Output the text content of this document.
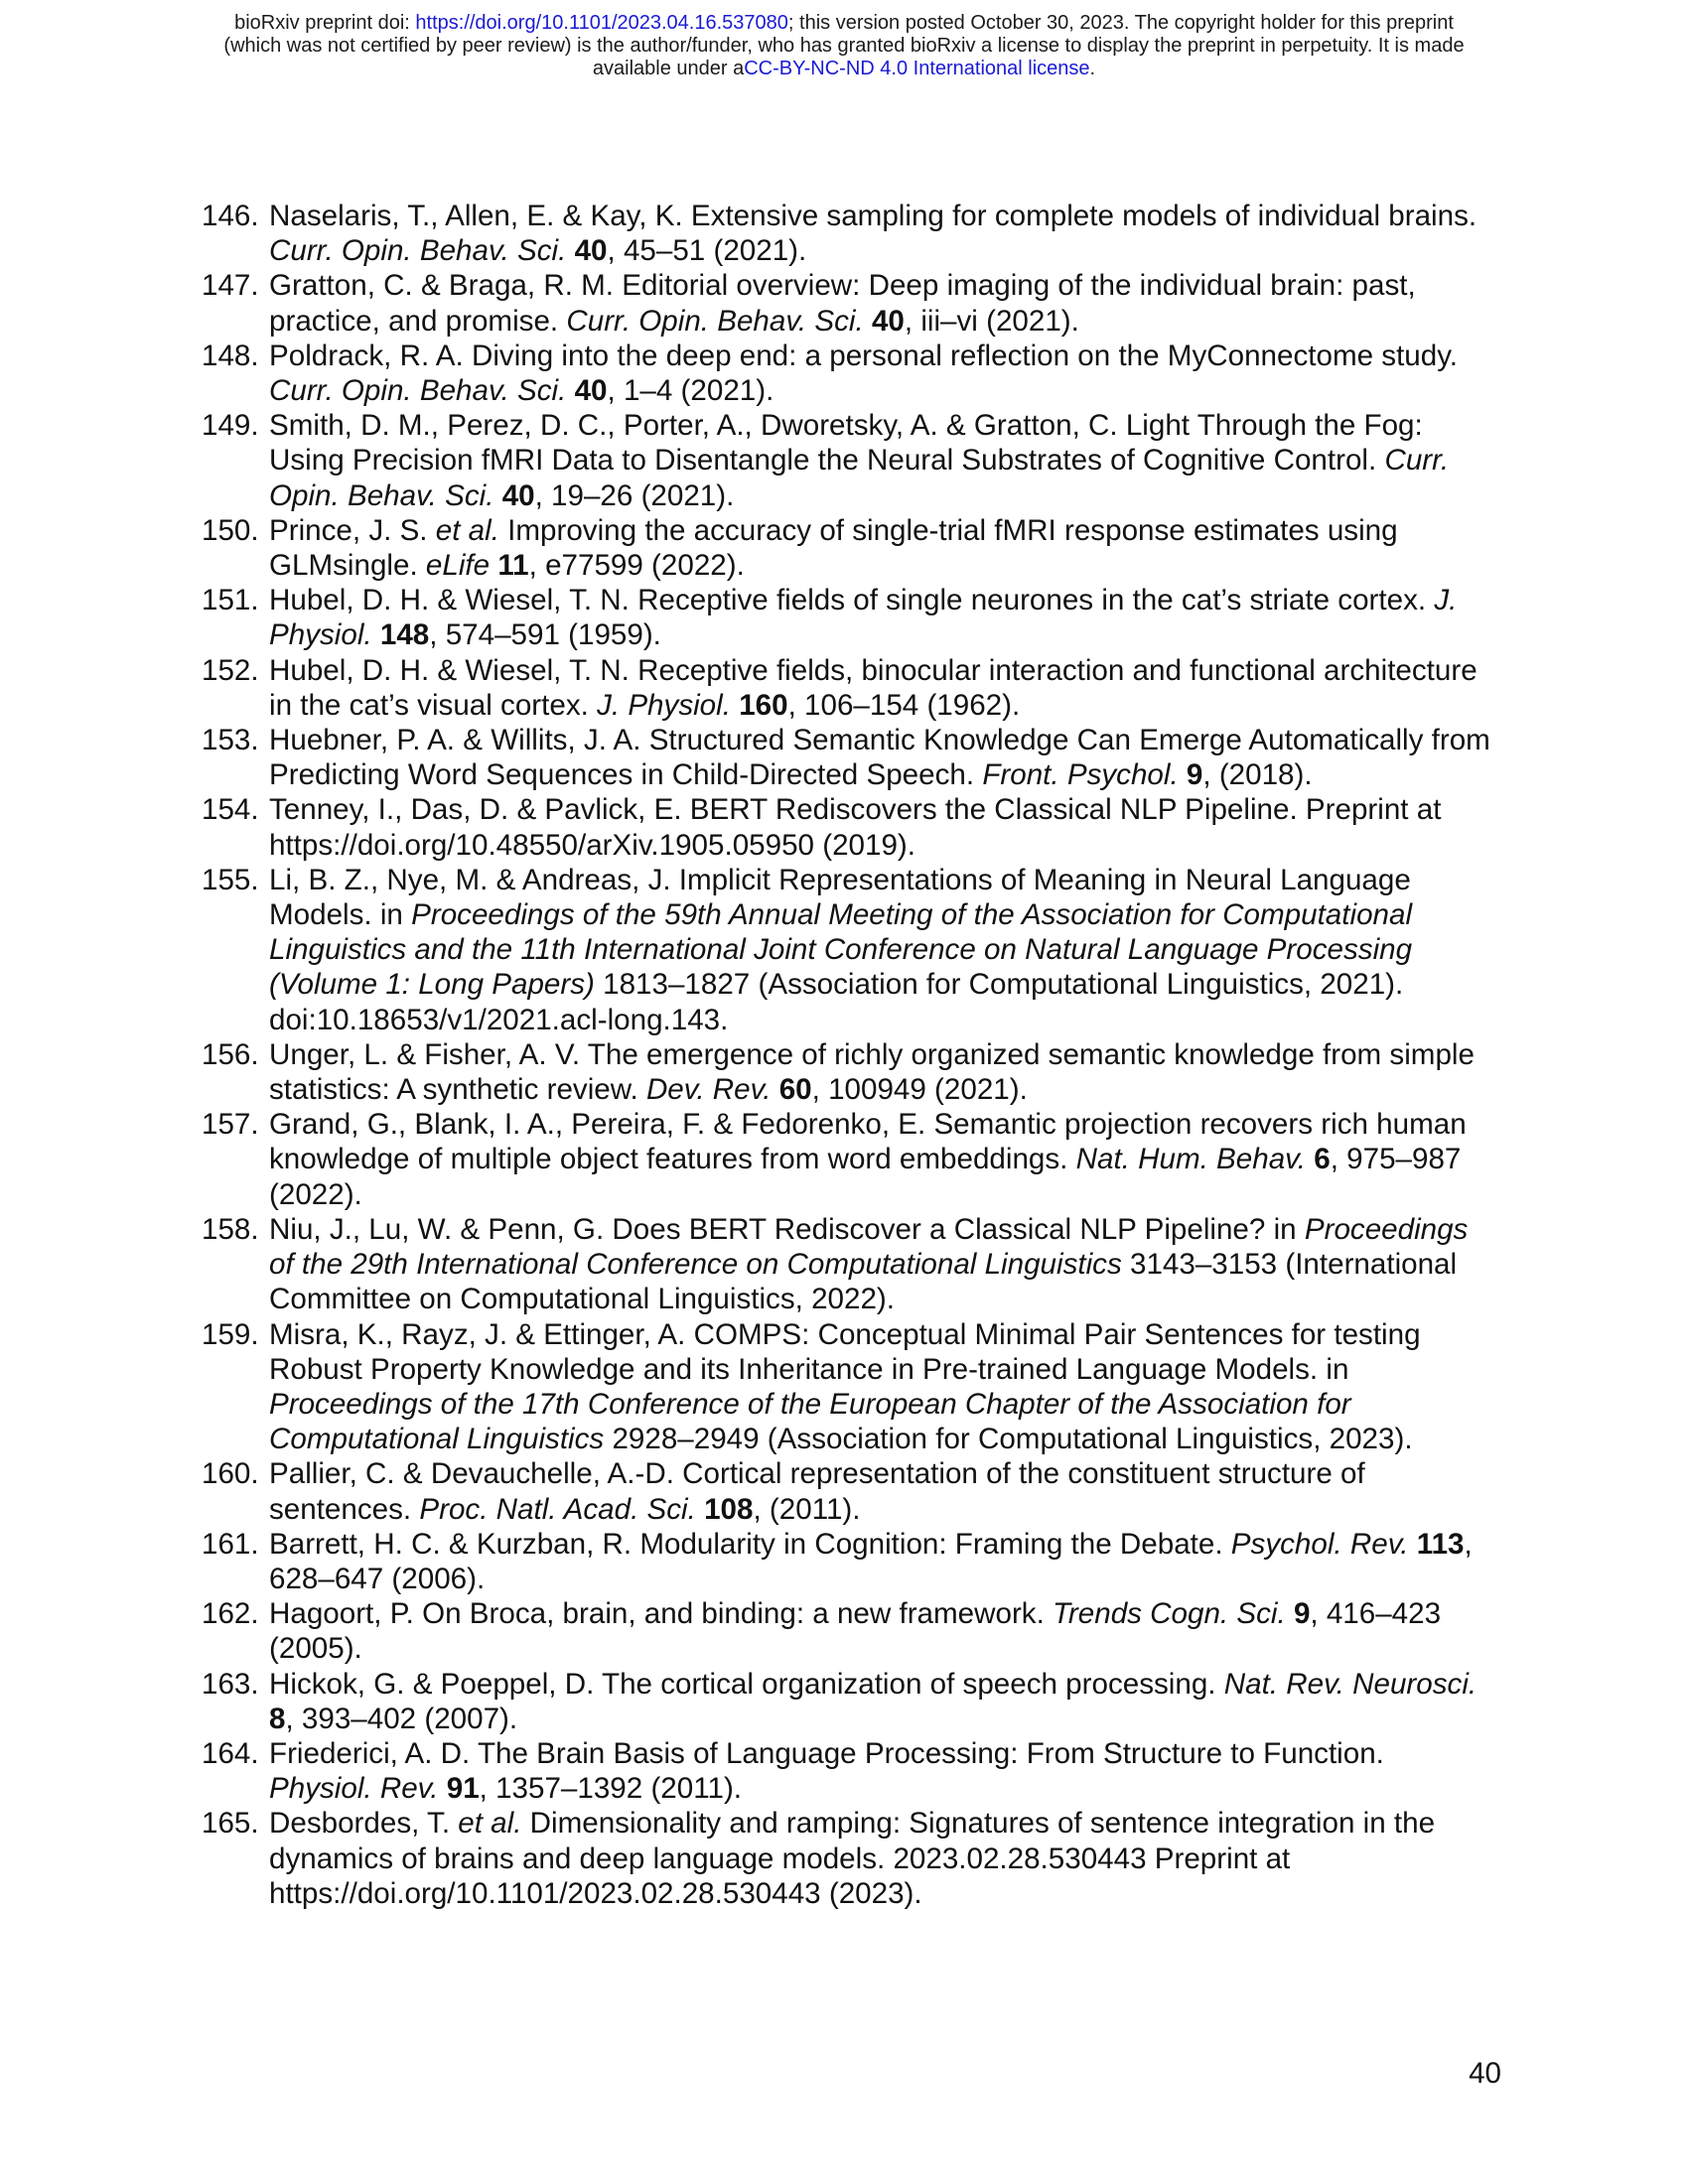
bioRxiv preprint doi: https://doi.org/10.1101/2023.04.16.537080; this version posted October 30, 2023. The copyright holder for this preprint
(which was not certified by peer review) is the author/funder, who has granted bioRxiv a license to display the preprint in perpetuity. It is made
available under aCC-BY-NC-ND 4.0 International license.
146. Naselaris, T., Allen, E. & Kay, K. Extensive sampling for complete models of individual brains. Curr. Opin. Behav. Sci. 40, 45–51 (2021).
147. Gratton, C. & Braga, R. M. Editorial overview: Deep imaging of the individual brain: past, practice, and promise. Curr. Opin. Behav. Sci. 40, iii–vi (2021).
148. Poldrack, R. A. Diving into the deep end: a personal reflection on the MyConnectome study. Curr. Opin. Behav. Sci. 40, 1–4 (2021).
149. Smith, D. M., Perez, D. C., Porter, A., Dworetsky, A. & Gratton, C. Light Through the Fog: Using Precision fMRI Data to Disentangle the Neural Substrates of Cognitive Control. Curr. Opin. Behav. Sci. 40, 19–26 (2021).
150. Prince, J. S. et al. Improving the accuracy of single-trial fMRI response estimates using GLMsingle. eLife 11, e77599 (2022).
151. Hubel, D. H. & Wiesel, T. N. Receptive fields of single neurones in the cat’s striate cortex. J. Physiol. 148, 574–591 (1959).
152. Hubel, D. H. & Wiesel, T. N. Receptive fields, binocular interaction and functional architecture in the cat’s visual cortex. J. Physiol. 160, 106–154 (1962).
153. Huebner, P. A. & Willits, J. A. Structured Semantic Knowledge Can Emerge Automatically from Predicting Word Sequences in Child-Directed Speech. Front. Psychol. 9, (2018).
154. Tenney, I., Das, D. & Pavlick, E. BERT Rediscovers the Classical NLP Pipeline. Preprint at https://doi.org/10.48550/arXiv.1905.05950 (2019).
155. Li, B. Z., Nye, M. & Andreas, J. Implicit Representations of Meaning in Neural Language Models. in Proceedings of the 59th Annual Meeting of the Association for Computational Linguistics and the 11th International Joint Conference on Natural Language Processing (Volume 1: Long Papers) 1813–1827 (Association for Computational Linguistics, 2021). doi:10.18653/v1/2021.acl-long.143.
156. Unger, L. & Fisher, A. V. The emergence of richly organized semantic knowledge from simple statistics: A synthetic review. Dev. Rev. 60, 100949 (2021).
157. Grand, G., Blank, I. A., Pereira, F. & Fedorenko, E. Semantic projection recovers rich human knowledge of multiple object features from word embeddings. Nat. Hum. Behav. 6, 975–987 (2022).
158. Niu, J., Lu, W. & Penn, G. Does BERT Rediscover a Classical NLP Pipeline? in Proceedings of the 29th International Conference on Computational Linguistics 3143–3153 (International Committee on Computational Linguistics, 2022).
159. Misra, K., Rayz, J. & Ettinger, A. COMPS: Conceptual Minimal Pair Sentences for testing Robust Property Knowledge and its Inheritance in Pre-trained Language Models. in Proceedings of the 17th Conference of the European Chapter of the Association for Computational Linguistics 2928–2949 (Association for Computational Linguistics, 2023).
160. Pallier, C. & Devauchelle, A.-D. Cortical representation of the constituent structure of sentences. Proc. Natl. Acad. Sci. 108, (2011).
161. Barrett, H. C. & Kurzban, R. Modularity in Cognition: Framing the Debate. Psychol. Rev. 113, 628–647 (2006).
162. Hagoort, P. On Broca, brain, and binding: a new framework. Trends Cogn. Sci. 9, 416–423 (2005).
163. Hickok, G. & Poeppel, D. The cortical organization of speech processing. Nat. Rev. Neurosci. 8, 393–402 (2007).
164. Friederici, A. D. The Brain Basis of Language Processing: From Structure to Function. Physiol. Rev. 91, 1357–1392 (2011).
165. Desbordes, T. et al. Dimensionality and ramping: Signatures of sentence integration in the dynamics of brains and deep language models. 2023.02.28.530443 Preprint at https://doi.org/10.1101/2023.02.28.530443 (2023).
40
